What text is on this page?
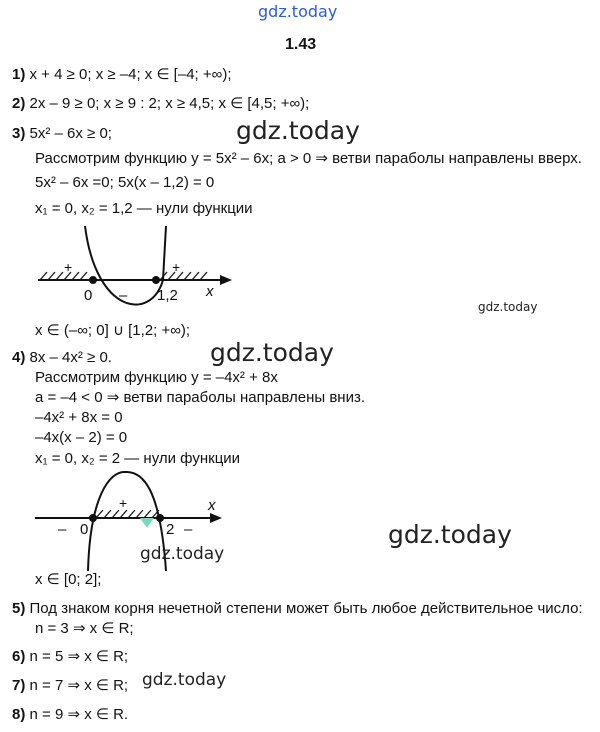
gdz.today
1.43
1) x + 4 ≥ 0; x ≥ –4; x ∈ [–4; +∞);
2) 2x – 9 ≥ 0; x ≥ 9 : 2; x ≥ 4,5; x ∈ [4,5; +∞);
3) 5x² – 6x ≥ 0;
Рассмотрим функцию y = 5x² – 6x; a > 0 ⇒ ветви параболы направлены вверх.
5x² – 6x =0; 5x(x – 1,2) = 0
x₁ = 0, x₂ = 1,2 — нули функции
+	+
–
0	1,2 x
x ∈ (–∞; 0] ∪ [1,2; +∞);
4) 8x – 4x² ≥ 0.
Рассмотрим функцию y = –4x² + 8x
a = –4 < 0 ⇒ ветви параболы направлены вниз.
–4x² + 8x = 0
–4x(x – 2) = 0
x₁ = 0, x₂ = 2 — нули функции
+
– 0	2 –
x
x ∈ [0; 2];
5) Под знаком корня нечетной степени может быть любое действительное число:
n = 3 ⇒ x ∈ R;
6) n = 5 ⇒ x ∈ R;
7) n = 7 ⇒ x ∈ R;
8) n = 9 ⇒ x ∈ R.
gdz.today
gdz.today
gdz.today
gdz.today
gdz.today
gdz.today
